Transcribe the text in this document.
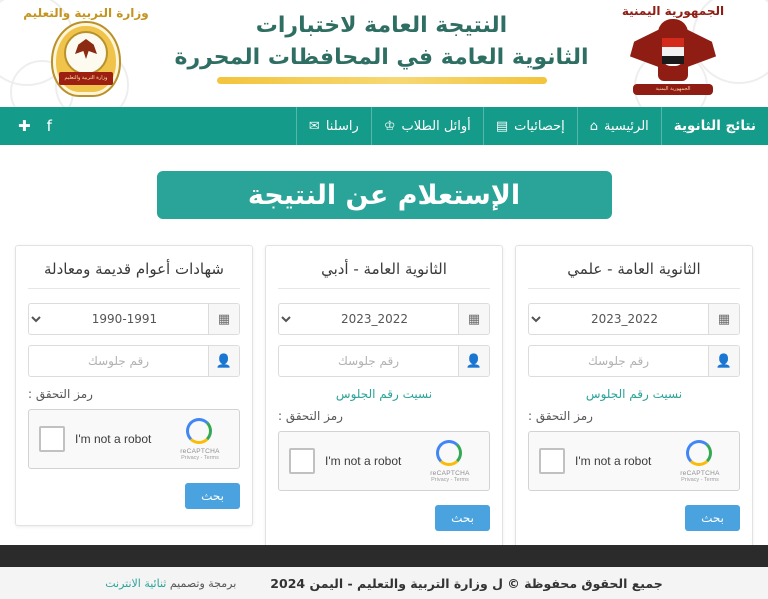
وزارة التربية والتعليم
وزارة التربية والتعليم
النتيجة العامة لاختبارات
الثانوية العامة في المحافظات المحررة
الجمهورية اليمنية
الجمهورية اليمنية
نتائج الثانوية
الرئيسية
⌂
إحصائيات
▤
أوائل الطلاب
♔
راسلنا
✉
f
✚
الإستعلام عن النتيجة
الثانوية العامة - علمي
▦
2022_2023
👤
رقم جلوسك
نسيت رقم الجلوس
رمز التحقق :
I'm not a robot
reCAPTCHA
Privacy - Terms
بحث
الثانوية العامة - أدبي
▦
2022_2023
👤
رقم جلوسك
نسيت رقم الجلوس
رمز التحقق :
I'm not a robot
reCAPTCHA
Privacy - Terms
بحث
شهادات أعوام قديمة ومعادلة
▦
1990-1991
👤
رقم جلوسك
رمز التحقق :
I'm not a robot
reCAPTCHA
Privacy - Terms
بحث
جميع الحقوق محفوظة © ل وزارة التربية والتعليم - اليمن 2024
برمجة وتصميم ثنائية الانترنت
